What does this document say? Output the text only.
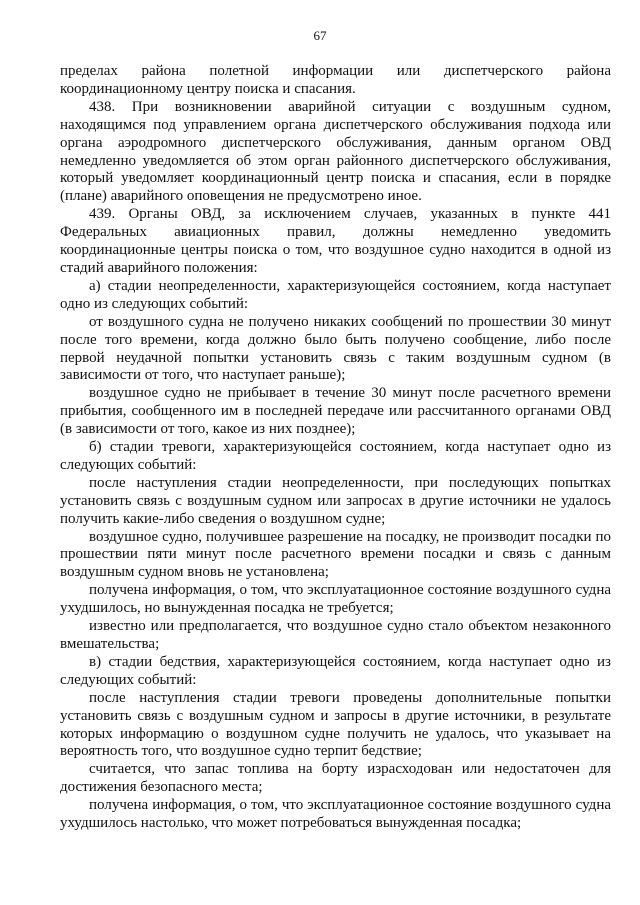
67

пределах района полетной информации или диспетчерского района координационному центру поиска и спасания.

438. При возникновении аварийной ситуации с воздушным судном, находящимся под управлением органа диспетчерского обслуживания подхода или органа аэродромного диспетчерского обслуживания, данным органом ОВД немедленно уведомляется об этом орган районного диспетчерского обслуживания, который уведомляет координационный центр поиска и спасания, если в порядке (плане) аварийного оповещения не предусмотрено иное.

439. Органы ОВД, за исключением случаев, указанных в пункте 441 Федеральных авиационных правил, должны немедленно уведомить координационные центры поиска о том, что воздушное судно находится в одной из стадий аварийного положения:

а) стадии неопределенности, характеризующейся состоянием, когда наступает одно из следующих событий:

от воздушного судна не получено никаких сообщений по прошествии 30 минут после того времени, когда должно было быть получено сообщение, либо после первой неудачной попытки установить связь с таким воздушным судном (в зависимости от того, что наступает раньше);

воздушное судно не прибывает в течение 30 минут после расчетного времени прибытия, сообщенного им в последней передаче или рассчитанного органами ОВД (в зависимости от того, какое из них позднее);

б) стадии тревоги, характеризующейся состоянием, когда наступает одно из следующих событий:

после наступления стадии неопределенности, при последующих попытках установить связь с воздушным судном или запросах в другие источники не удалось получить какие-либо сведения о воздушном судне;

воздушное судно, получившее разрешение на посадку, не производит посадки по прошествии пяти минут после расчетного времени посадки и связь с данным воздушным судном вновь не установлена;

получена информация, о том, что эксплуатационное состояние воздушного судна ухудшилось, но вынужденная посадка не требуется;

известно или предполагается, что воздушное судно стало объектом незаконного вмешательства;

в) стадии бедствия, характеризующейся состоянием, когда наступает одно из следующих событий:

после наступления стадии тревоги проведены дополнительные попытки установить связь с воздушным судном и запросы в другие источники, в результате которых информацию о воздушном судне получить не удалось, что указывает на вероятность того, что воздушное судно терпит бедствие;

считается, что запас топлива на борту израсходован или недостаточен для достижения безопасного места;

получена информация, о том, что эксплуатационное состояние воздушного судна ухудшилось настолько, что может потребоваться вынужденная посадка;
